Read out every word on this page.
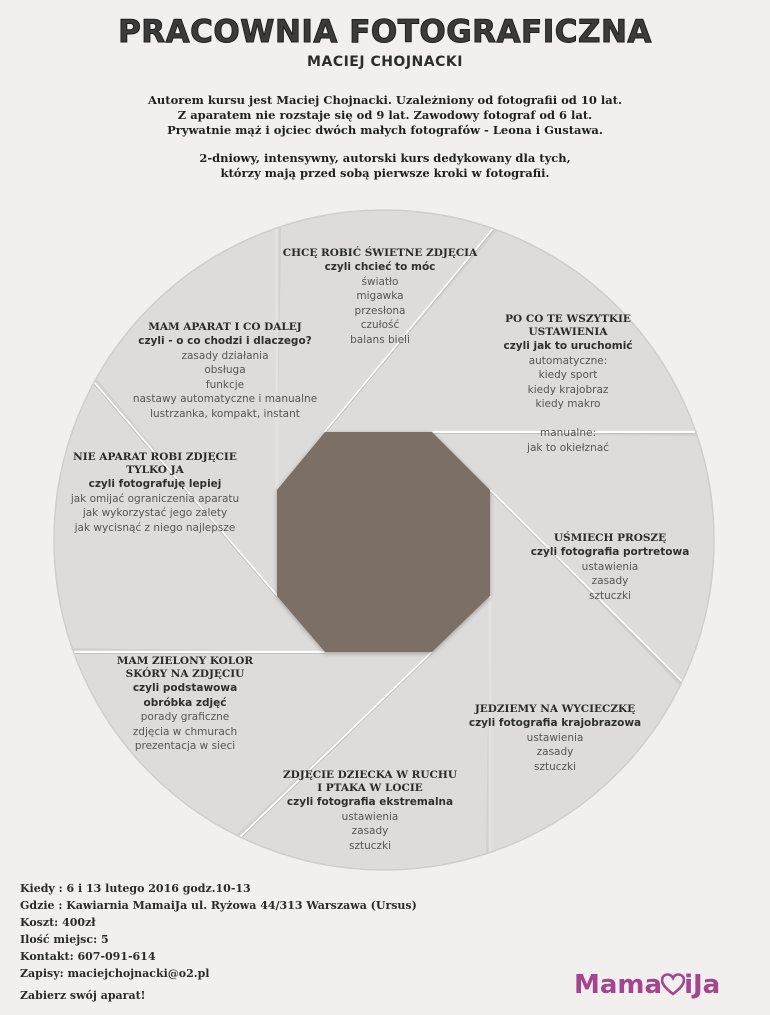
PRACOWNIA FOTOGRAFICZNA
MACIEJ CHOJNACKI
Autorem kursu jest Maciej Chojnacki. Uzależniony od fotografii od 10 lat.
Z aparatem nie rozstaje się od 9 lat. Zawodowy fotograf od 6 lat.
Prywatnie mąż i ojciec dwóch małych fotografów - Leona i Gustawa.
2-dniowy, intensywny, autorski kurs dedykowany dla tych,
którzy mają przed sobą pierwsze kroki w fotografii.
CHCĘ ROBIĆ ŚWIETNE ZDJĘCIA
czyli chcieć to móc
światło
migawka
przesłona
czułość
balans bieli
PO CO TE WSZYTKIE
USTAWIENIA
czyli jak to uruchomić
automatyczne:
kiedy sport
kiedy krajobraz
kiedy makro

manualne:
jak to okiełznać
UŚMIECH PROSZĘ
czyli fotografia portretowa
ustawienia
zasady
sztuczki
JEDZIEMY NA WYCIECZKĘ
czyli fotografia krajobrazowa
ustawienia
zasady
sztuczki
ZDJĘCIE DZIECKA W RUCHU
I PTAKA W LOCIE
czyli fotografia ekstremalna
ustawienia
zasady
sztuczki
MAM ZIELONY KOLOR
SKÓRY NA ZDJĘCIU
czyli podstawowa
obróbka zdjęć
porady graficzne
zdjęcia w chmurach
prezentacja w sieci
NIE APARAT ROBI ZDJĘCIE
TYLKO JA
czyli fotografuję lepiej
jak omijać ograniczenia aparatu
jak wykorzystać jego zalety
jak wycisnąć z niego najlepsze
MAM APARAT I CO DALEJ
czyli - o co chodzi i dlaczego?
zasady działania
obsługa
funkcje
nastawy automatyczne i manualne
lustrzanka, kompakt, instant
Kiedy : 6 i 13 lutego 2016 godz.10-13
Gdzie : Kawiarnia MamaiJa ul. Ryżowa 44/313 Warszawa (Ursus)
Koszt: 400zł
Ilość miejsc: 5
Kontakt: 607-091-614
Zapisy: maciejchojnacki@o2.pl
Zabierz swój aparat!	Mama iJa
